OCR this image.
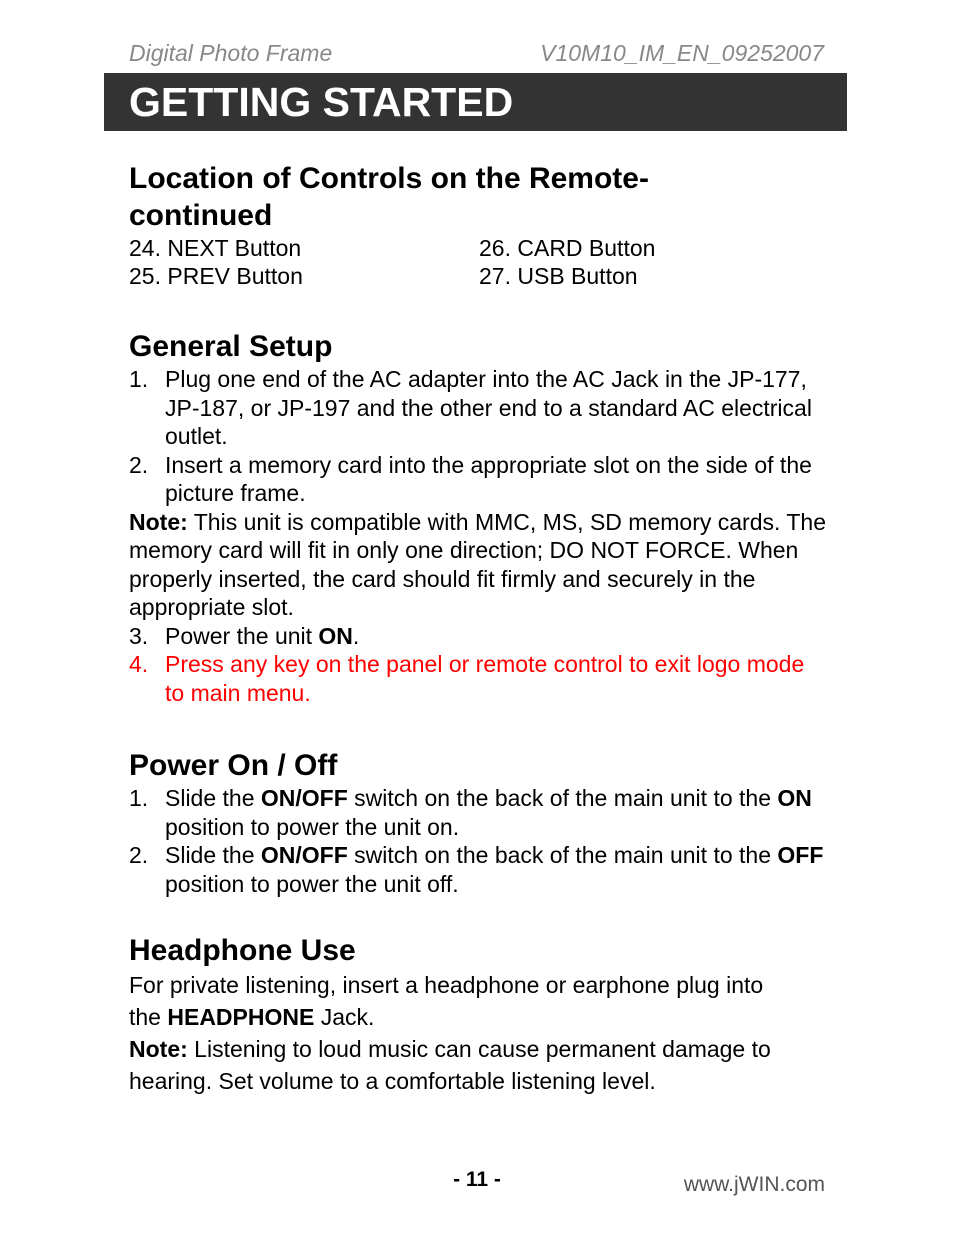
Digital Photo Frame	V10M10_IM_EN_09252007
GETTING STARTED
Location of Controls on the Remote-
continued
24. NEXT Button
25. PREV Button
26. CARD Button
27. USB Button
General Setup
1. Plug one end of the AC adapter into the AC Jack in the JP-177, JP-187, or JP-197 and the other end to a standard AC electrical outlet.
2. Insert a memory card into the appropriate slot on the side of the picture frame.

Note: This unit is compatible with MMC, MS, SD memory cards. The memory card will fit in only one direction; DO NOT FORCE. When properly inserted, the card should fit firmly and securely in the appropriate slot.

3. Power the unit ON.
4. Press any key on the panel or remote control to exit logo mode to main menu.
Power On / Off
1. Slide the ON/OFF switch on the back of the main unit to the ON position to power the unit on.
2. Slide the ON/OFF switch on the back of the main unit to the OFF position to power the unit off.
Headphone Use

For private listening, insert a headphone or earphone plug into
the HEADPHONE Jack.

Note: Listening to loud music can cause permanent damage to hearing. Set volume to a comfortable listening level.

- 11 -	www.jWIN.com
